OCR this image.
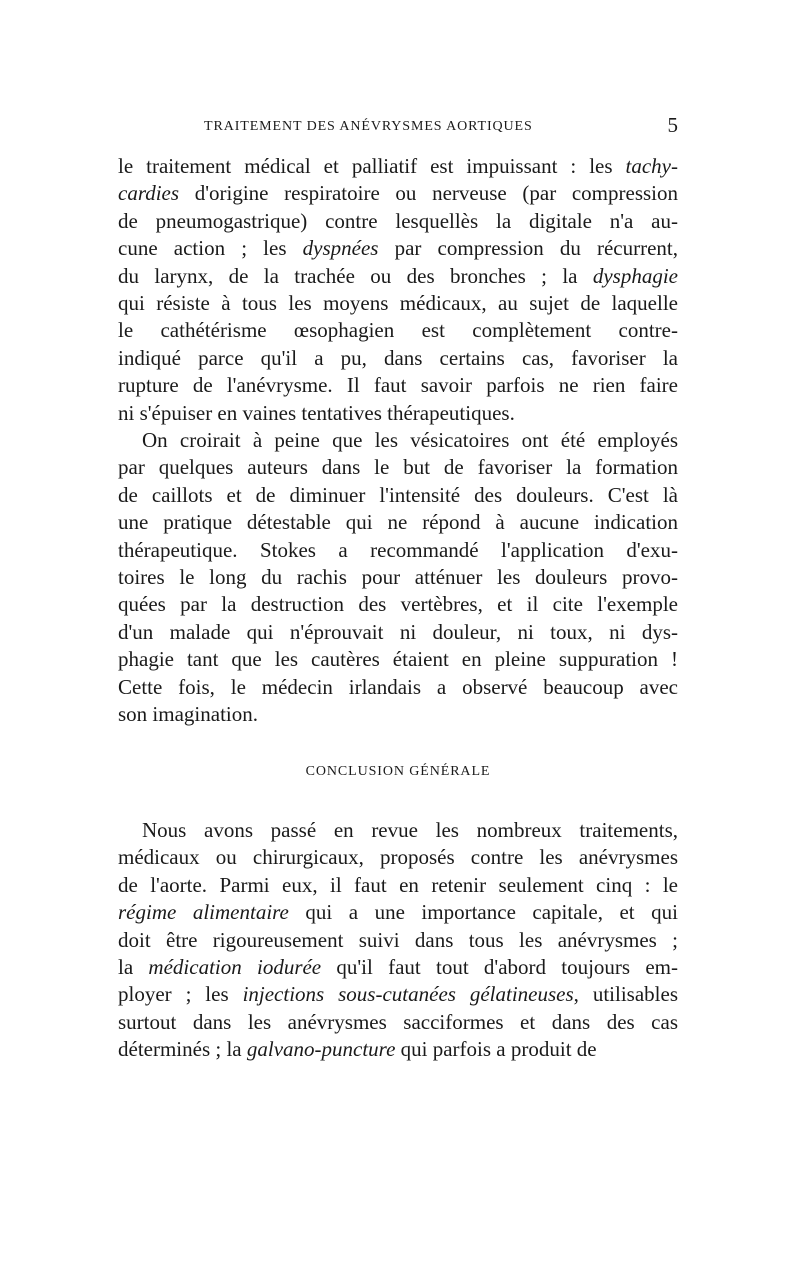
TRAITEMENT DES ANÉVRYSMES AORTIQUES	5
le traitement médical et palliatif est impuissant : les tachy-
cardies d'origine respiratoire ou nerveuse (par compression
de pneumogastrique) contre lesquellès la digitale n'a au-
cune action ; les dyspnées par compression du récurrent,
du larynx, de la trachée ou des bronches ; la dysphagie
qui résiste à tous les moyens médicaux, au sujet de laquelle
le cathétérisme œsophagien est complètement contre-
indiqué parce qu'il a pu, dans certains cas, favoriser la
rupture de l'anévrysme. Il faut savoir parfois ne rien faire
ni s'épuiser en vaines tentatives thérapeutiques.
On croirait à peine que les vésicatoires ont été employés
par quelques auteurs dans le but de favoriser la formation
de caillots et de diminuer l'intensité des douleurs. C'est là
une pratique détestable qui ne répond à aucune indication
thérapeutique. Stokes a recommandé l'application d'exu-
toires le long du rachis pour atténuer les douleurs provo-
quées par la destruction des vertèbres, et il cite l'exemple
d'un malade qui n'éprouvait ni douleur, ni toux, ni dys-
phagie tant que les cautères étaient en pleine suppuration !
Cette fois, le médecin irlandais a observé beaucoup avec
son imagination.
CONCLUSION GÉNÉRALE
Nous avons passé en revue les nombreux traitements,
médicaux ou chirurgicaux, proposés contre les anévrysmes
de l'aorte. Parmi eux, il faut en retenir seulement cinq : le
régime alimentaire qui a une importance capitale, et qui
doit être rigoureusement suivi dans tous les anévrysmes ;
la médication iodurée qu'il faut tout d'abord toujours em-
ployer ; les injections sous-cutanées gélatineuses, utilisables
surtout dans les anévrysmes sacciformes et dans des cas
déterminés ; la galvano-puncture qui parfois a produit de
